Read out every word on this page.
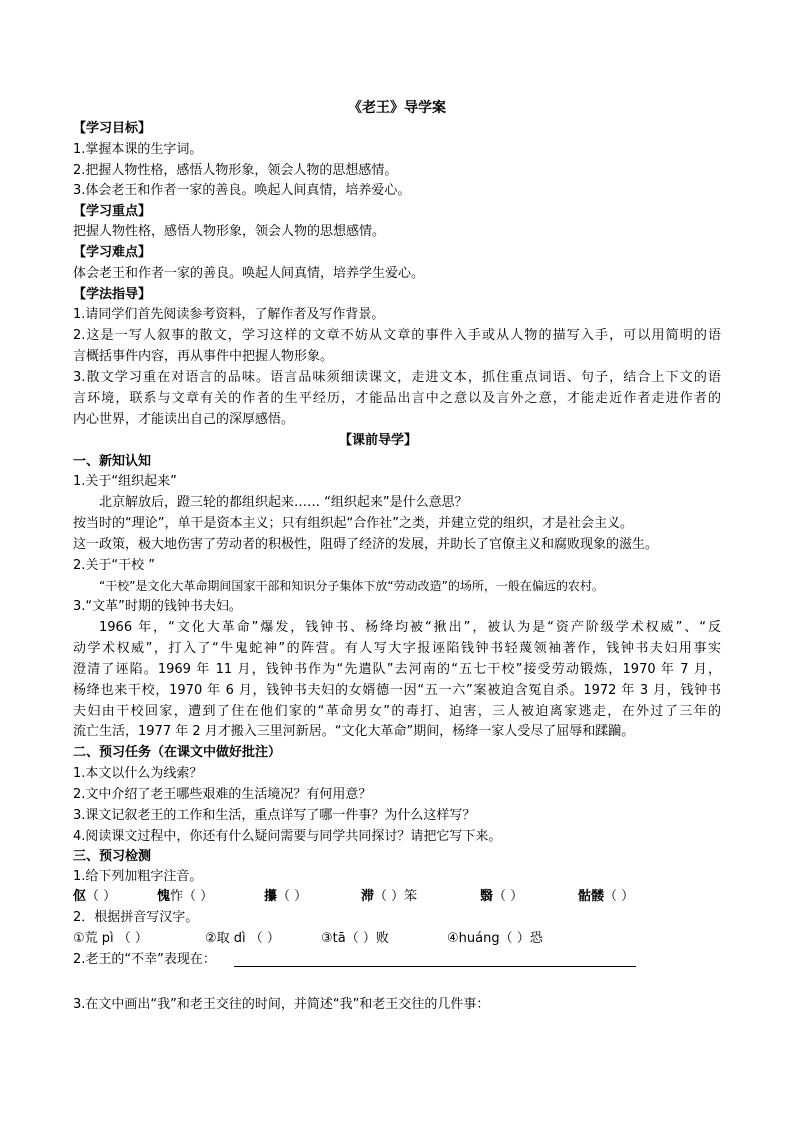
《老王》导学案
【学习目标】
1.掌握本课的生字词。
2.把握人物性格，感悟人物形象，领会人物的思想感情。
3.体会老王和作者一家的善良。唤起人间真情，培养爱心。
【学习重点】
把握人物性格，感悟人物形象，领会人物的思想感情。
【学习难点】
体会老王和作者一家的善良。唤起人间真情，培养学生爱心。
【学法指导】
1.请同学们首先阅读参考资料，了解作者及写作背景。
2.这是一写人叙事的散文，学习这样的文章不妨从文章的事件入手或从人物的描写入手，可以用简明的语
言概括事件内容，再从事件中把握人物形象。
3.散文学习重在对语言的品味。语言品味须细读课文，走进文本，抓住重点词语、句子，结合上下文的语
言环境，联系与文章有关的作者的生平经历，才能品出言中之意以及言外之意，才能走近作者走进作者的
内心世界，才能读出自己的深厚感悟。
【课前导学】
一、新知认知
1.关于“组织起来”
北京解放后，蹬三轮的都组织起来…… “组织起来”是什么意思？
按当时的“理论”，单干是资本主义；只有组织起“合作社”之类，并建立党的组织，才是社会主义。
这一政策，极大地伤害了劳动者的积极性，阻碍了经济的发展，并助长了官僚主义和腐败现象的滋生。
2.关于“干校 ”
“干校”是文化大革命期间国家干部和知识分子集体下放“劳动改造”的场所，一般在偏远的农村。
3.“文革”时期的钱钟书夫妇。
1966 年，“文化大革命”爆发，钱钟书、杨绛均被“揪出”，被认为是“资产阶级学术权威”、“反
动学术权威”，打入了“牛鬼蛇神”的阵营。有人写大字报诬陷钱钟书轻蔑领袖著作，钱钟书夫妇用事实
澄清了诬陷。1969 年 11 月，钱钟书作为“先遣队”去河南的“五七干校”接受劳动锻炼，1970 年 7 月，
杨绛也来干校，1970 年 6 月，钱钟书夫妇的女婿德一因“五一六”案被迫含冤自杀。1972 年 3 月，钱钟书
夫妇由干校回家，遭到了住在他们家的“革命男女”的毒打、迫害，三人被迫离家逃走，在外过了三年的
流亡生活，1977 年 2 月才搬入三里河新居。“文化大革命”期间，杨绛一家人受尽了屈辱和蹂躏。
二、预习任务（在课文中做好批注）
1.本文以什么为线索？
2.文中介绍了老王哪些艰难的生活境况？有何用意？
3.课文记叙老王的工作和生活，重点详写了哪一件事？为什么这样写？
4.阅读课文过程中，你还有什么疑问需要与同学共同探讨？请把它写下来。
三、预习检测
1.给下列加粗字注音。
伛（ ）	愧怍（ ）	攥（ ）	滞（ ）笨	翳（ ）	骷髅（ ）
2．根据拼音写汉字。
①荒 pì （ ）	②取 dì （ ）	③tā（ ）败	④huáng（ ）恐
2.老王的“不幸”表现在：
3.在文中画出“我”和老王交往的时间，并简述“我”和老王交往的几件事：
